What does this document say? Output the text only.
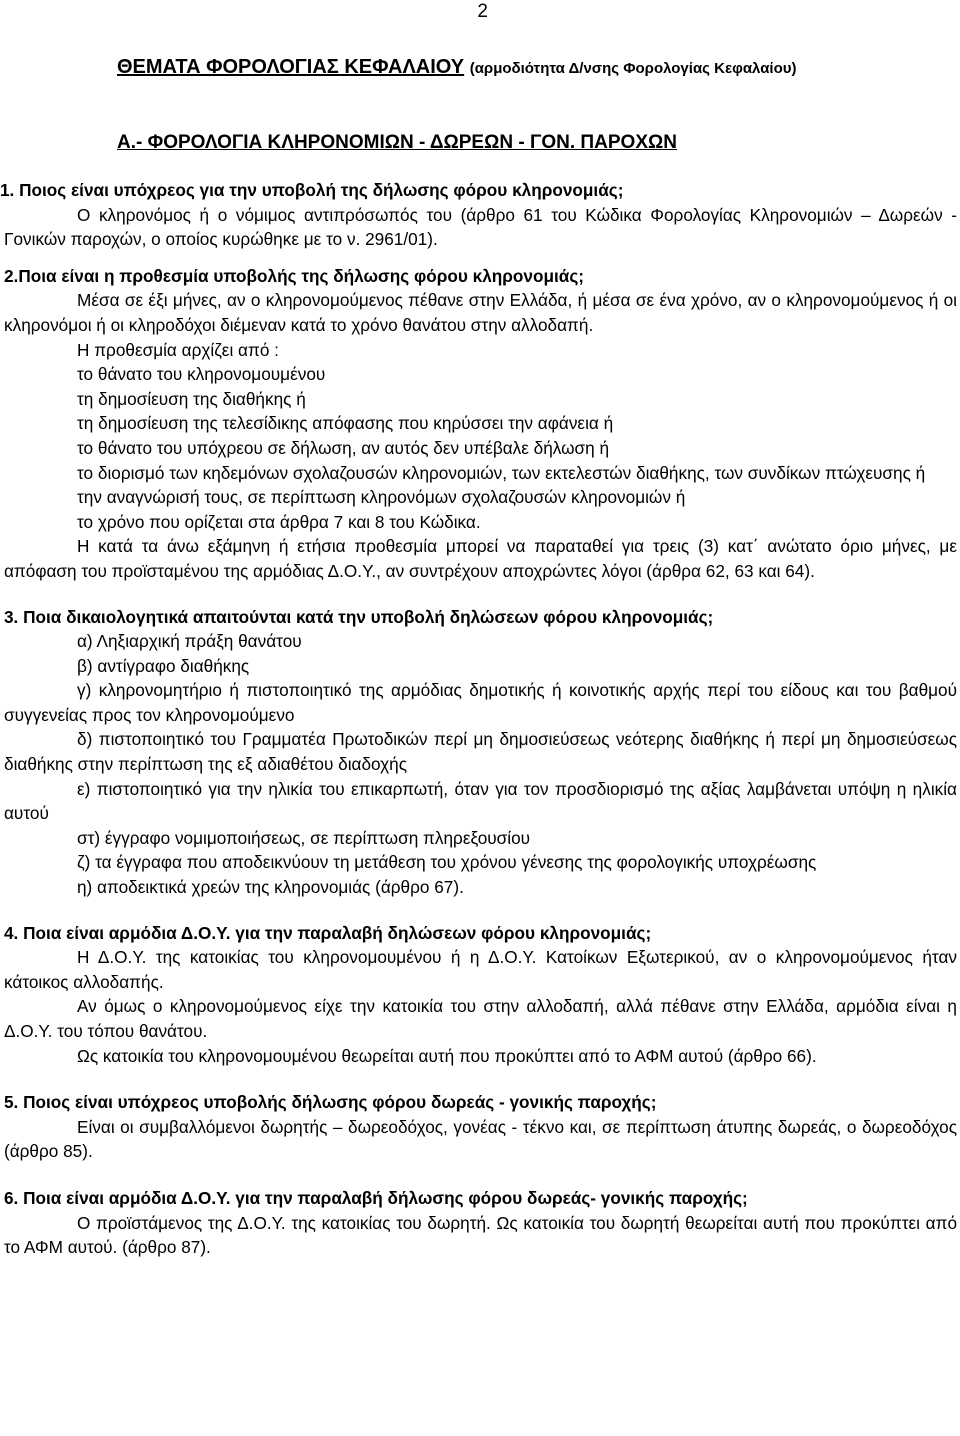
2
ΘΕΜΑΤΑ ΦΟΡΟΛΟΓΙΑΣ ΚΕΦΑΛΑΙΟΥ (αρμοδιότητα Δ/νσης Φορολογίας Κεφαλαίου)
Α.- ΦΟΡΟΛΟΓΙΑ ΚΛΗΡΟΝΟΜΙΩΝ - ΔΩΡΕΩΝ - ΓΟΝ. ΠΑΡΟΧΩΝ
1. Ποιος είναι υπόχρεος για την υποβολή της δήλωσης φόρου κληρονομιάς;

Ο κληρονόμος ή ο νόμιμος αντιπρόσωπός του (άρθρο 61 του Κώδικα Φορολογίας Κληρονομιών – Δωρεών - Γονικών παροχών, ο οποίος κυρώθηκε με το ν. 2961/01).

2.Ποια είναι η προθεσμία υποβολής της δήλωσης φόρου κληρονομιάς;

Μέσα σε έξι μήνες, αν ο κληρονομούμενος πέθανε στην Ελλάδα, ή μέσα σε ένα χρόνο, αν ο κληρονομούμενος ή οι κληρονόμοι ή οι κληροδόχοι διέμεναν κατά το χρόνο θανάτου στην αλλοδαπή.

Η προθεσμία αρχίζει από :

το θάνατο του κληρονομουμένου

τη δημοσίευση της διαθήκης ή

τη δημοσίευση της τελεσίδικης απόφασης που κηρύσσει την αφάνεια ή

το θάνατο του υπόχρεου σε δήλωση, αν αυτός δεν υπέβαλε δήλωση ή

το διορισμό των κηδεμόνων σχολαζουσών κληρονομιών, των εκτελεστών διαθήκης, των συνδίκων πτώχευσης ή

την αναγνώρισή τους, σε περίπτωση κληρονόμων σχολαζουσών κληρονομιών ή

το χρόνο που ορίζεται στα άρθρα 7 και 8 του Κώδικα.

Η κατά τα άνω εξάμηνη ή ετήσια προθεσμία μπορεί να παραταθεί για τρεις (3) κατ΄ ανώτατο όριο μήνες, με απόφαση του προϊσταμένου της αρμόδιας Δ.Ο.Υ., αν συντρέχουν αποχρώντες λόγοι (άρθρα 62, 63 και 64).

3. Ποια δικαιολογητικά απαιτούνται κατά την υποβολή δηλώσεων φόρου κληρονομιάς;

α) Ληξιαρχική πράξη θανάτου

β) αντίγραφο διαθήκης

γ) κληρονομητήριο ή πιστοποιητικό της αρμόδιας δημοτικής ή κοινοτικής αρχής περί του είδους και του βαθμού συγγενείας προς τον κληρονομούμενο

δ) πιστοποιητικό του Γραμματέα Πρωτοδικών περί μη δημοσιεύσεως νεότερης διαθήκης ή περί μη δημοσιεύσεως διαθήκης στην περίπτωση της εξ αδιαθέτου διαδοχής

ε) πιστοποιητικό για την ηλικία του επικαρπωτή, όταν για τον προσδιορισμό της αξίας λαμβάνεται υπόψη η ηλικία αυτού

στ) έγγραφο νομιμοποιήσεως, σε περίπτωση πληρεξουσίου

ζ) τα έγγραφα που αποδεικνύουν τη μετάθεση του χρόνου γένεσης της φορολογικής υποχρέωσης

η) αποδεικτικά χρεών της κληρονομιάς (άρθρο 67).

4. Ποια είναι αρμόδια Δ.Ο.Υ. για την παραλαβή δηλώσεων φόρου κληρονομιάς;

Η Δ.Ο.Υ. της κατοικίας του κληρονομουμένου ή η Δ.Ο.Υ. Κατοίκων Εξωτερικού, αν ο κληρονομούμενος ήταν κάτοικος αλλοδαπής.

Αν όμως ο κληρονομούμενος είχε την κατοικία του στην αλλοδαπή, αλλά πέθανε στην Ελλάδα, αρμόδια είναι η Δ.Ο.Υ. του τόπου θανάτου.

Ως κατοικία του κληρονομουμένου θεωρείται αυτή που προκύπτει από το ΑΦΜ αυτού (άρθρο 66).

5. Ποιος είναι υπόχρεος υποβολής δήλωσης φόρου δωρεάς - γονικής παροχής;

Είναι οι συμβαλλόμενοι δωρητής – δωρεοδόχος, γονέας - τέκνο και, σε περίπτωση άτυπης δωρεάς, ο δωρεοδόχος (άρθρο 85).

6. Ποια είναι αρμόδια Δ.Ο.Υ. για την παραλαβή δήλωσης φόρου δωρεάς- γονικής παροχής;

Ο προϊστάμενος της Δ.Ο.Υ. της κατοικίας του δωρητή. Ως κατοικία του δωρητή θεωρείται αυτή που προκύπτει από το ΑΦΜ αυτού. (άρθρο 87).
